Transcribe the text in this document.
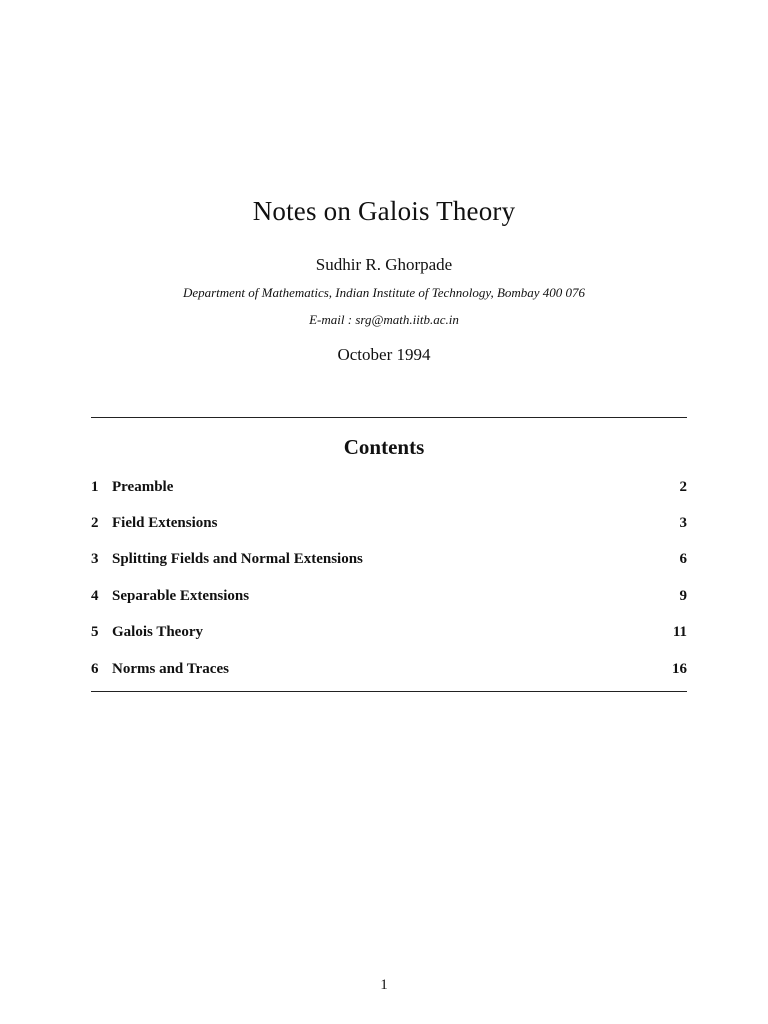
Notes on Galois Theory
Sudhir R. Ghorpade
Department of Mathematics, Indian Institute of Technology, Bombay 400 076
E-mail : srg@math.iitb.ac.in
October 1994
Contents
1 Preamble	2
2 Field Extensions	3
3 Splitting Fields and Normal Extensions	6
4 Separable Extensions	9
5 Galois Theory	11
6 Norms and Traces	16
1
